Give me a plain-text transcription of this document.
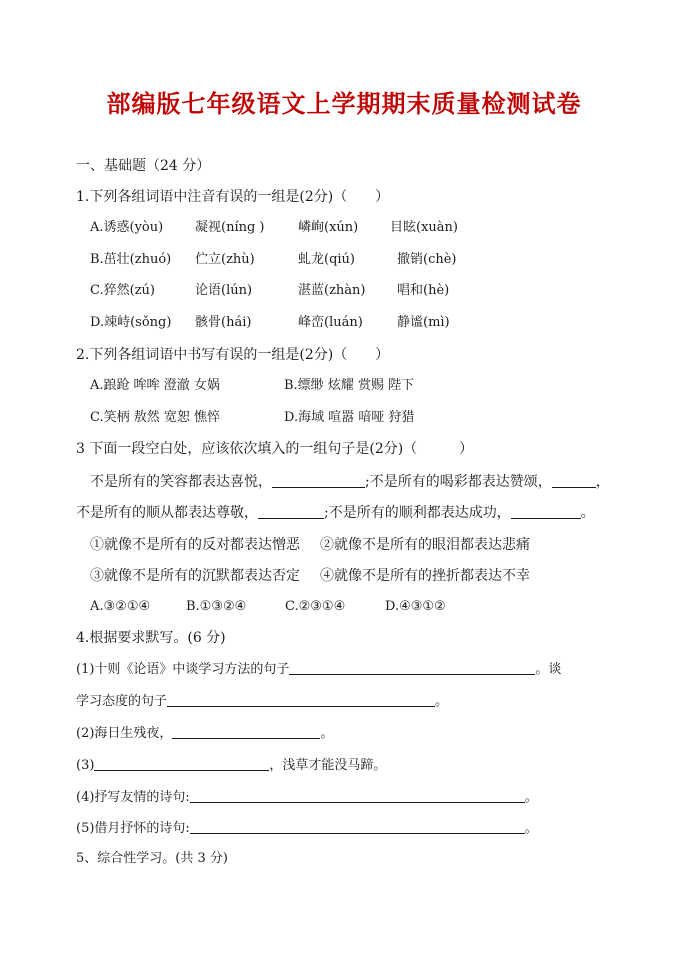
部编版七年级语文上学期期末质量检测试卷
一、基础题（24 分）
1.下列各组词语中注音有误的一组是(2分)（　　）
A.诱惑(yòu) 凝视(níng )	嶙峋(xún) 目眩(xuàn)
B.茁壮(zhuó) 伫立(zhù)	虬龙(qiú)	撤销(chè)
C.猝然(zú)	论语(lún)	湛蓝(zhàn) 唱和(hè)
D.竦峙(sǒng) 骸骨(hái)	峰峦(luán)	静谧(mì)
2.下列各组词语中书写有误的一组是(2分)（　　）
A.踉跄 哞哞 澄澈 女娲	B.缥缈 炫耀 赏赐 陛下
C.笑柄 敖然 宽恕 憔悴	D.海域 喧嚣 喑哑 狩猎
3 下面一段空白处，应该依次填入的一组句子是(2分)（　　　）
不是所有的笑容都表达喜悦，	;不是所有的喝彩都表达赞颂，	，
不是所有的顺从都表达尊敬，	;不是所有的顺利都表达成功，	。
①就像不是所有的反对都表达憎恶 ②就像不是所有的眼泪都表达悲痛
③就像不是所有的沉默都表达否定 ④就像不是所有的挫折都表达不幸
A.③②①④	B.①③②④	C.②③①④	D.④③①②
4.根据要求默写。(6 分)
(1)十则《论语》中谈学习方法的句子	。谈
学习态度的句子	。
(2)海日生残夜，	。
(3)	，浅草才能没马蹄。
(4)抒写友情的诗句:	。
(5)借月抒怀的诗句:	。
5、综合性学习。(共 3 分)
